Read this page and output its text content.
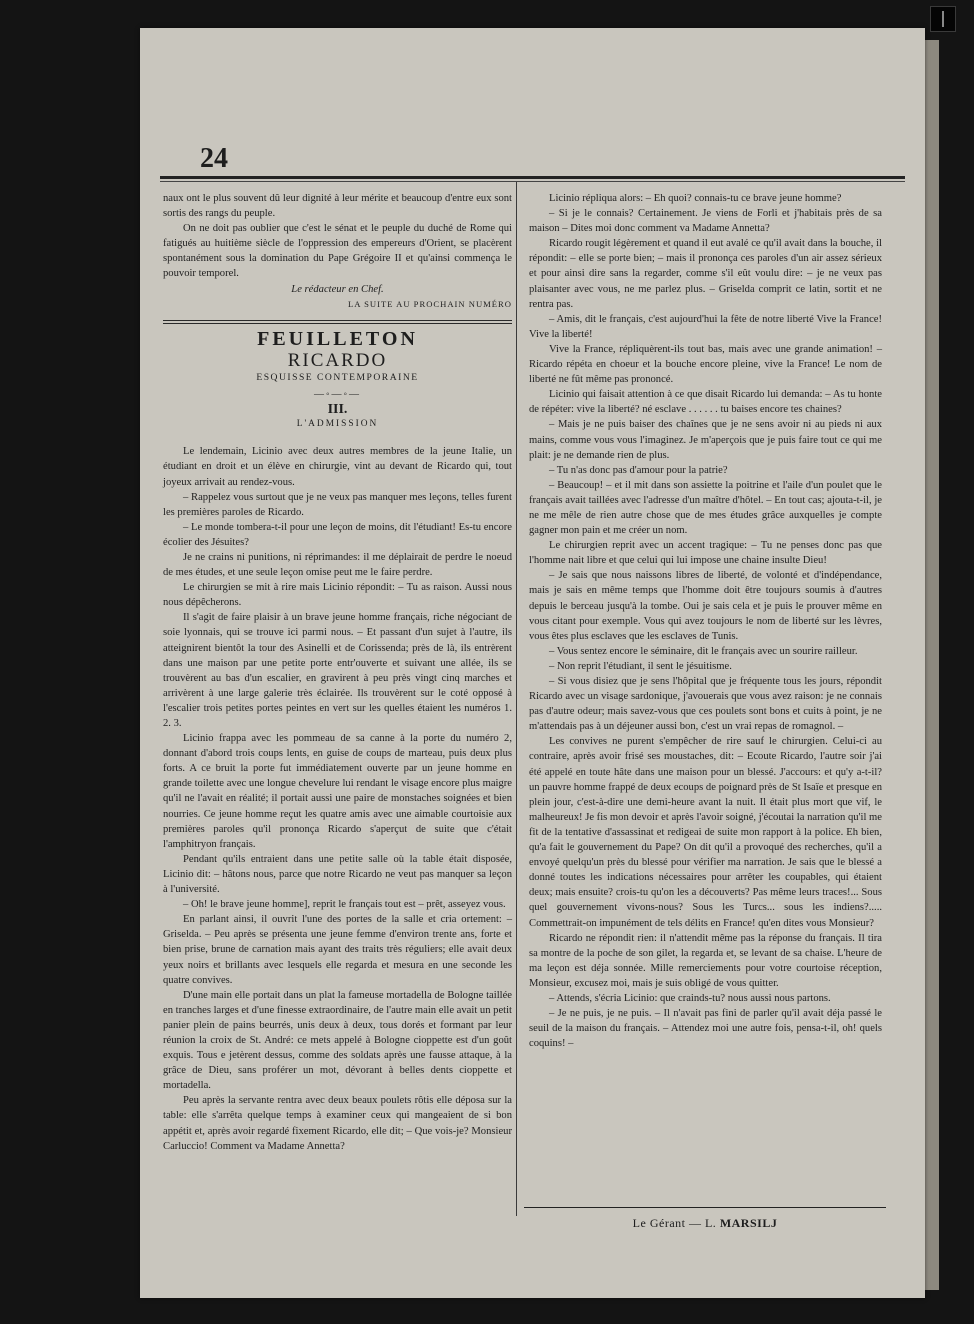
24

naux ont le plus souvent dû leur dignité à leur mérite et beaucoup d'entre eux sont sortis des rangs du peuple.

On ne doit pas oublier que c'est le sénat et le peuple du duché de Rome qui fatigués au huitième siècle de l'oppression des empereurs d'Orient, se placèrent spontanément sous la domination du Pape Grégoire II et qu'ainsi commença le pouvoir temporel.

Le rédacteur en Chef.

LA SUITE AU PROCHAIN NUMÉRO

FEUILLETON
RICARDO
ESQUISSE CONTEMPORAINE
—◦—◦—
III.
L'ADMISSION

Le lendemain, Licinio avec deux autres membres de la jeune Italie, un étudiant en droit et un élève en chirurgie, vint au devant de Ricardo qui, tout joyeux arrivait au rendez-vous.

– Rappelez vous surtout que je ne veux pas manquer mes leçons, telles furent les premières paroles de Ricardo.

– Le monde tombera-t-il pour une leçon de moins, dit l'étudiant! Es-tu encore écolier des Jésuites?

Je ne crains ni punitions, ni réprimandes: il me déplairait de perdre le noeud de mes études, et une seule leçon omise peut me le faire perdre.

Le chirurgien se mit à rire mais Licinio répondit: – Tu as raison. Aussi nous nous dépêcherons.

Il s'agit de faire plaisir à un brave jeune homme français, riche négociant de soie lyonnais, qui se trouve ici parmi nous. – Et passant d'un sujet à l'autre, ils atteignirent bientôt la tour des Asinelli et de Corissenda; près de là, ils entrèrent dans une maison par une petite porte entr'ouverte et suivant une allée, ils se trouvèrent au bas d'un escalier, en gravirent à peu près vingt cinq marches et arrivèrent à une large galerie très éclairée. Ils trouvèrent sur le coté opposé à l'escalier trois petites portes peintes en vert sur les quelles étaient les numéros 1. 2. 3.

Licinio frappa avec les pommeau de sa canne à la porte du numéro 2, donnant d'abord trois coups lents, en guise de coups de marteau, puis deux plus forts. A ce bruit la porte fut immédiatement ouverte par un jeune homme en grande toilette avec une longue chevelure lui rendant le visage encore plus maigre qu'il ne l'avait en réalité; il portait aussi une paire de monstaches soignées et bien nourries. Ce jeune homme reçut les quatre amis avec une aimable courtoisie aux premières paroles qu'il prononça Ricardo s'aperçut de suite que c'était l'amphitryon français.

Pendant qu'ils entraient dans une petite salle où la table était disposée, Licinio dit: – hâtons nous, parce que notre Ricardo ne veut pas manquer sa leçon à l'université.

– Oh! le brave jeune homme], reprit le français tout est – prêt, asseyez vous.

En parlant ainsi, il ouvrit l'une des portes de la salle et cria ortement: – Griselda. – Peu après se présenta une jeune femme d'environ trente ans, forte et bien prise, brune de carnation mais ayant des traits très réguliers; elle avait deux yeux noirs et brillants avec lesquels elle regarda et mesura en une seconde les quatre convives.

D'une main elle portait dans un plat la fameuse mortadella de Bologne taillée en tranches larges et d'une finesse extraordinaire, de l'autre main elle avait un petit panier plein de pains beurrés, unis deux à deux, tous dorés et formant par leur réunion la croix de St. André: ce mets appelé à Bologne cioppette est d'un goût exquis. Tous e jetèrent dessus, comme des soldats après une fausse attaque, à la grâce de Dieu, sans proférer un mot, dévorant à belles dents cioppette et mortadella.

Peu après la servante rentra avec deux beaux poulets rôtis elle déposa sur la table: elle s'arrêta quelque temps à examiner ceux qui mangeaient de si bon appétit et, après avoir regardé fixement Ricardo, elle dit; – Que vois-je? Monsieur Carluccio! Comment va Madame Annetta?

Licinio répliqua alors: – Eh quoi? connais-tu ce brave jeune homme?

– Si je le connais? Certainement. Je viens de Forli et j'habitais près de sa maison – Dites moi donc comment va Madame Annetta?

Ricardo rougit légèrement et quand il eut avalé ce qu'il avait dans la bouche, il répondit: – elle se porte bien; – mais il prononça ces paroles d'un air assez sérieux et pour ainsi dire sans la regarder, comme s'il eût voulu dire: – je ne veux pas plaisanter avec vous, ne me parlez plus. – Griselda comprit ce latin, sortit et ne rentra pas.

– Amis, dit le français, c'est aujourd'hui la fête de notre liberté Vive la France! Vive la liberté!

Vive la France, répliquèrent-ils tout bas, mais avec une grande animation! – Ricardo répéta en choeur et la bouche encore pleine, vive la France! Le nom de liberté ne fût même pas prononcé.

Licinio qui faisait attention à ce que disait Ricardo lui demanda: – As tu honte de répéter: vive la liberté? né esclave . . . . . . tu baises encore tes chaines?

– Mais je ne puis baiser des chaînes que je ne sens avoir ni au pieds ni aux mains, comme vous vous l'imaginez. Je m'aperçois que je puis faire tout ce qui me plait: je ne demande rien de plus.

– Tu n'as donc pas d'amour pour la patrie?

– Beaucoup! – et il mit dans son assiette la poitrine et l'aile d'un poulet que le français avait taillées avec l'adresse d'un maître d'hôtel. – En tout cas; ajouta-t-il, je ne me mêle de rien autre chose que de mes études grâce auxquelles je compte gagner mon pain et me créer un nom.

Le chirurgien reprit avec un accent tragique: – Tu ne penses donc pas que l'homme nait libre et que celui qui lui impose une chaine insulte Dieu!

– Je sais que nous naissons libres de liberté, de volonté et d'indépendance, mais je sais en même temps que l'homme doit être toujours soumis à d'autres depuis le berceau jusqu'à la tombe. Oui je sais cela et je puis le prouver même en vous citant pour exemple. Vous qui avez toujours le nom de liberté sur les lèvres, vous êtes plus esclaves que les esclaves de Tunis.

– Vous sentez encore le séminaire, dit le français avec un sourire railleur.

– Non reprit l'étudiant, il sent le jésuitisme.

– Si vous disiez que je sens l'hôpital que je fréquente tous les jours, répondit Ricardo avec un visage sardonique, j'avouerais que vous avez raison: je ne connais pas d'autre odeur; mais savez-vous que ces poulets sont bons et cuits à point, je ne m'attendais pas à un déjeuner aussi bon, c'est un vrai repas de romagnol. –

Les convives ne purent s'empêcher de rire sauf le chirurgien. Celui-ci au contraire, après avoir frisé ses moustaches, dit: – Ecoute Ricardo, l'autre soir j'ai été appelé en toute hâte dans une maison pour un blessé. J'accours: et qu'y a-t-il? un pauvre homme frappé de deux ecoups de poignard près de St Isaïe et presque en plein jour, c'est-à-dire une demi-heure avant la nuit. Il était plus mort que vif, le malheureux! Je fis mon devoir et après l'avoir soigné, j'écoutai la narration qu'il me fit de la tentative d'assassinat et redigeai de suite mon rapport à la police. Eh bien, qu'a fait le gouvernement du Pape? On dit qu'il a provoqué des recherches, qu'il a envoyé quelqu'un près du blessé pour vérifier ma narration. Je sais que le blessé a donné toutes les indications nécessaires pour arrêter les coupables, qui étaient deux; mais ensuite? crois-tu qu'on les a découverts? Pas même leurs traces!... Sous quel gouvernement vivons-nous? Sous les Turcs... sous les indiens?..... Commettrait-on impunément de tels délits en France! qu'en dites vous Monsieur?

Ricardo ne répondit rien: il n'attendit même pas la réponse du français. Il tira sa montre de la poche de son gilet, la regarda et, se levant de sa chaise. L'heure de ma leçon est déja sonnée. Mille remerciements pour votre courtoise réception, Monsieur, excusez moi, mais je suis obligé de vous quitter.

– Attends, s'écria Licinio: que crainds-tu? nous aussi nous partons.

– Je ne puis, je ne puis. – Il n'avait pas fini de parler qu'il avait déja passé le seuil de la maison du français. – Attendez moi une autre fois, pensa-t-il, oh! quels coquins! –

Le Gérant — L. MARSILJ
